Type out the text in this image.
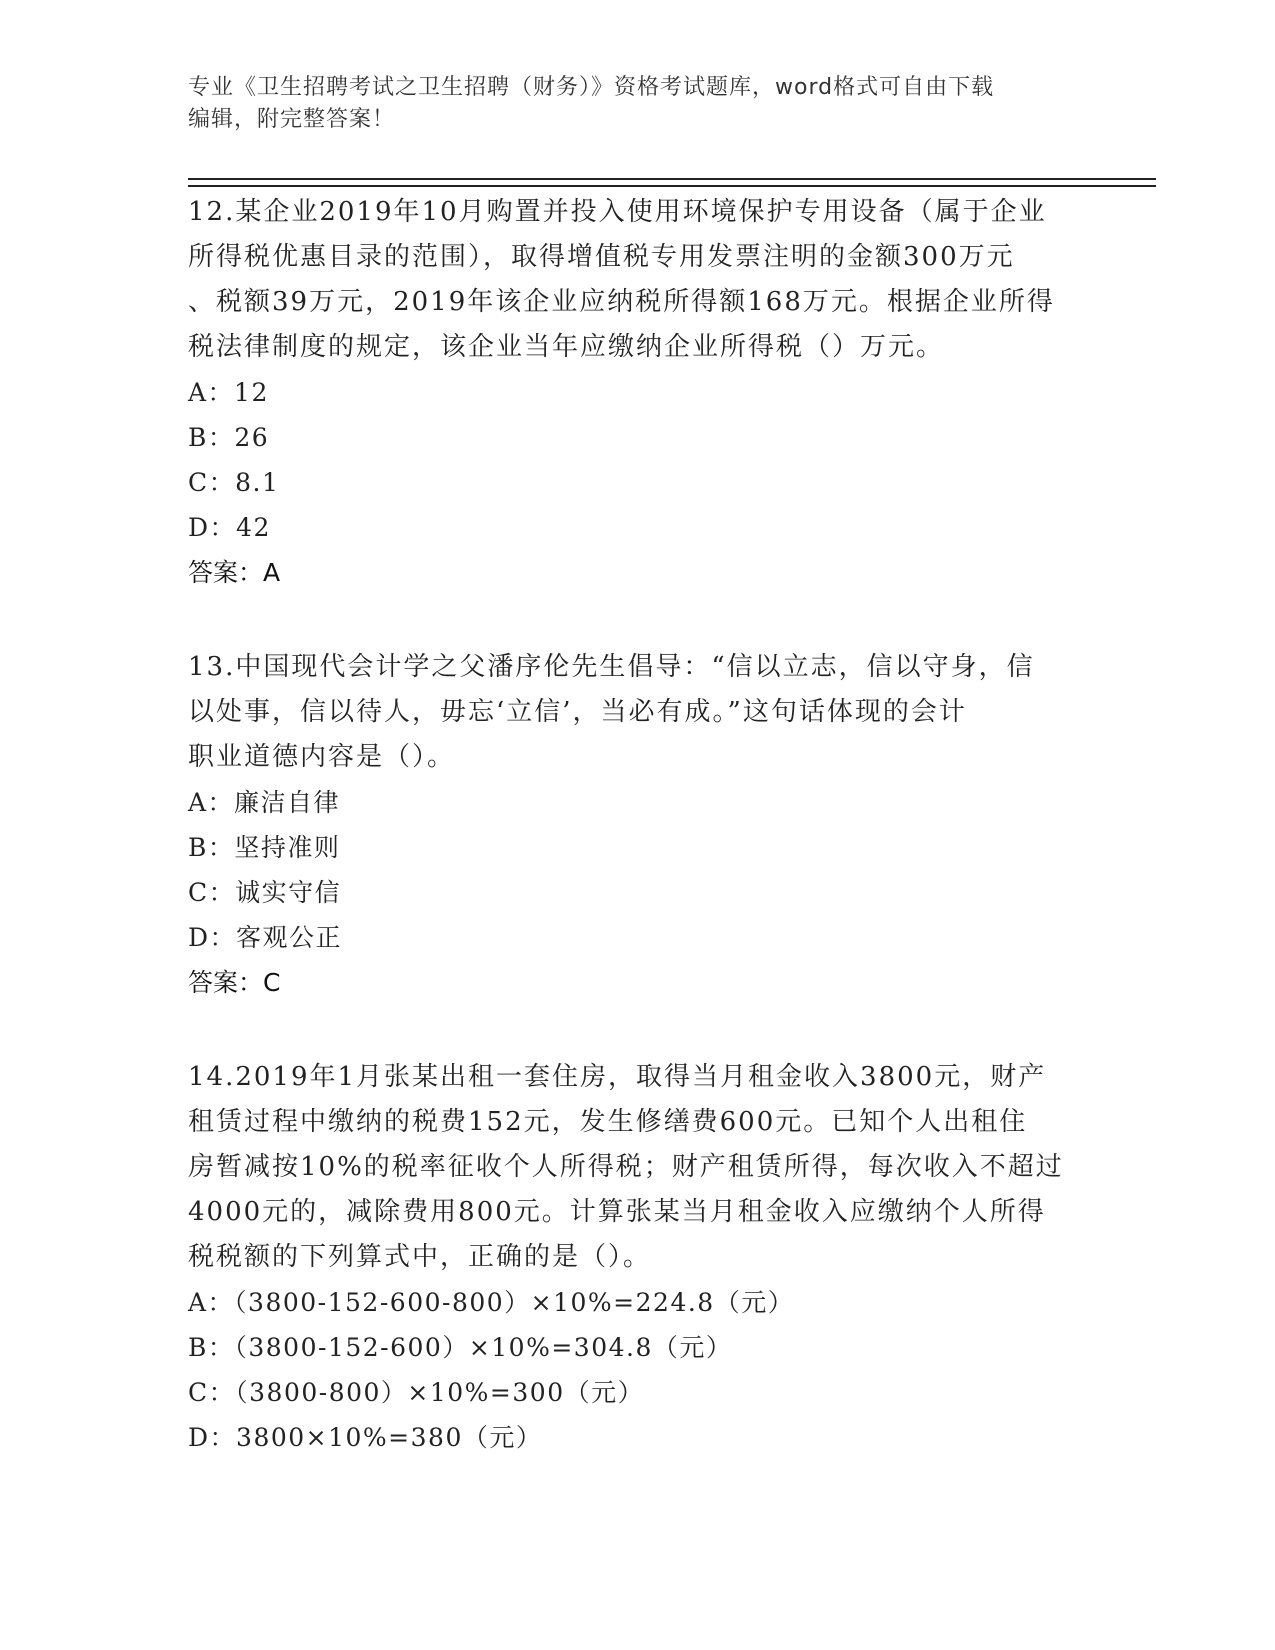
专业《卫生招聘考试之卫生招聘（财务）》资格考试题库，word格式可自由下载
编辑，附完整答案！

12.某企业2019年10月购置并投入使用环境保护专用设备（属于企业

所得税优惠目录的范围），取得增值税专用发票注明的金额300万元

、税额39万元，2019年该企业应纳税所得额168万元。根据企业所得

税法律制度的规定，该企业当年应缴纳企业所得税（）万元。

A：12

B：26

C：8.1

D：42

答案：A

13.中国现代会计学之父潘序伦先生倡导：“信以立志，信以守身，信

以处事，信以待人，毋忘‘立信’，当必有成。”这句话体现的会计

职业道德内容是（）。

A：廉洁自律

B：坚持准则

C：诚实守信

D：客观公正

答案：C

14.2019年1月张某出租一套住房，取得当月租金收入3800元，财产

租赁过程中缴纳的税费152元，发生修缮费600元。已知个人出租住

房暂减按10%的税率征收个人所得税；财产租赁所得，每次收入不超过

4000元的，减除费用800元。计算张某当月租金收入应缴纳个人所得

税税额的下列算式中，正确的是（）。

A：（3800-152-600-800）×10%=224.8（元）

B：（3800-152-600）×10%=304.8（元）

C：（3800-800）×10%=300（元）

D：3800×10%=380（元）
